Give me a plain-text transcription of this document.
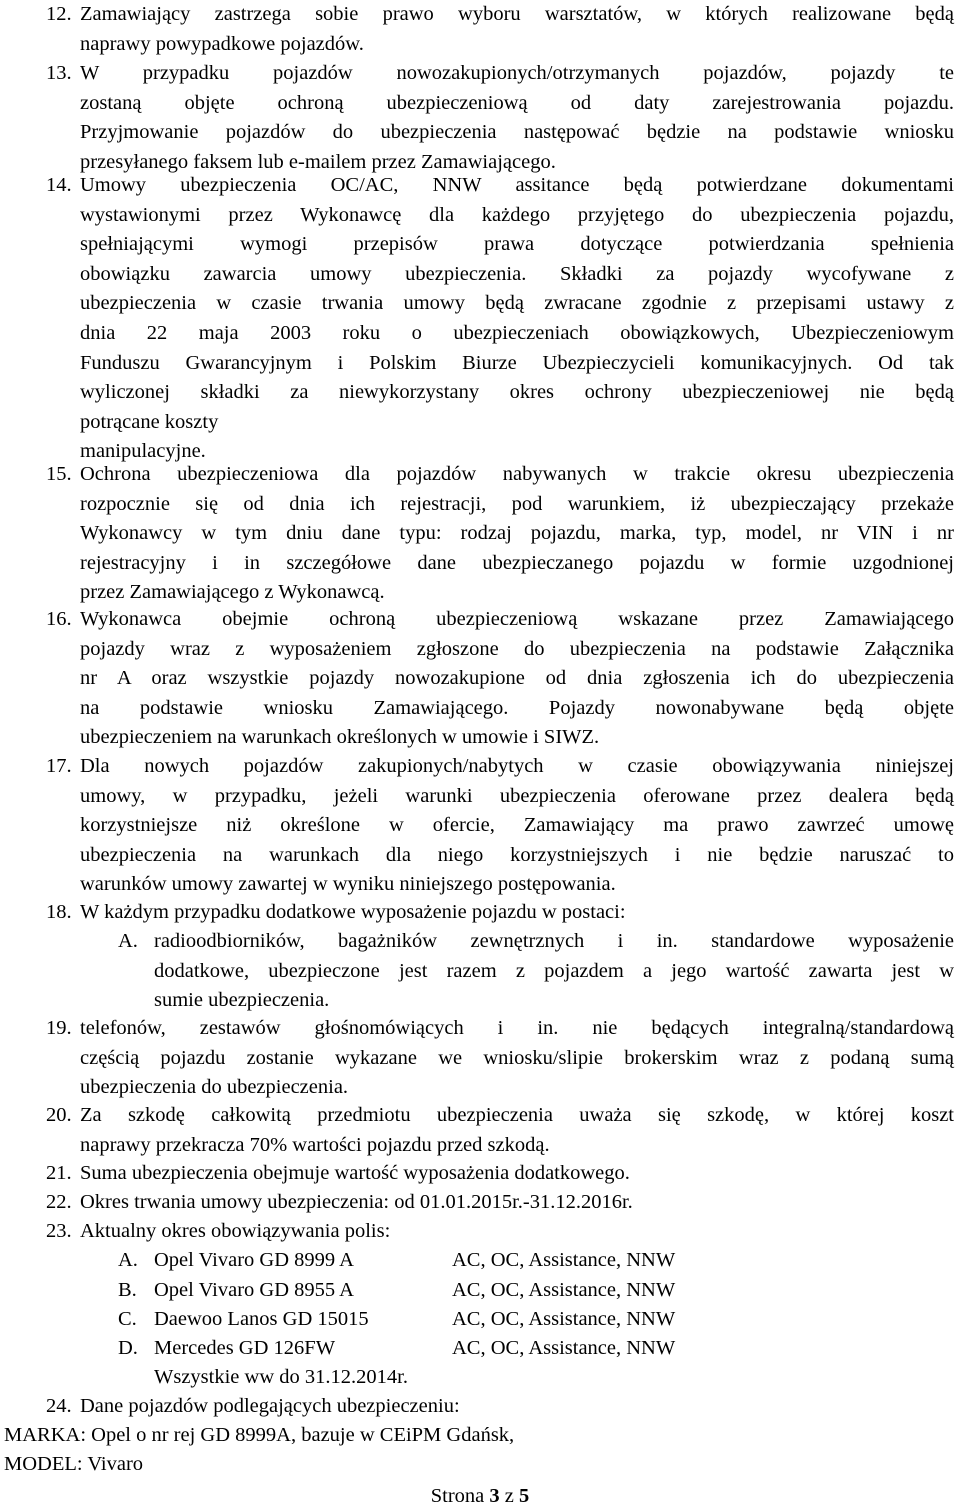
12. Zamawiający zastrzega sobie prawo wyboru warsztatów, w których realizowane będą
naprawy powypadkowe pojazdów.
13. W przypadku pojazdów nowozakupionych/otrzymanych pojazdów, pojazdy te
zostaną objęte ochroną ubezpieczeniową od daty zarejestrowania pojazdu.
Przyjmowanie pojazdów do ubezpieczenia następować będzie na podstawie wniosku
przesyłanego faksem lub e-mailem przez Zamawiającego.
14. Umowy ubezpieczenia OC/AC, NNW assitance będą potwierdzane dokumentami
wystawionymi przez Wykonawcę dla każdego przyjętego do ubezpieczenia pojazdu,
spełniającymi wymogi przepisów prawa dotyczące potwierdzania spełnienia
obowiązku zawarcia umowy ubezpieczenia. Składki za pojazdy wycofywane z
ubezpieczenia w czasie trwania umowy będą zwracane zgodnie z przepisami ustawy z
dnia 22 maja 2003 roku o ubezpieczeniach obowiązkowych, Ubezpieczeniowym
Funduszu Gwarancyjnym i Polskim Biurze Ubezpieczycieli komunikacyjnych. Od tak
wyliczonej składki za niewykorzystany okres ochrony ubezpieczeniowej nie będą
potrącane koszty
manipulacyjne.
15. Ochrona ubezpieczeniowa dla pojazdów nabywanych w trakcie okresu ubezpieczenia
rozpocznie się od dnia ich rejestracji, pod warunkiem, iż ubezpieczający przekaże
Wykonawcy w tym dniu dane typu: rodzaj pojazdu, marka, typ, model, nr VIN i nr
rejestracyjny i in szczegółowe dane ubezpieczanego pojazdu w formie uzgodnionej
przez Zamawiającego z Wykonawcą.
16. Wykonawca obejmie ochroną ubezpieczeniową wskazane przez Zamawiającego
pojazdy wraz z wyposażeniem zgłoszone do ubezpieczenia na podstawie Załącznika
nr A oraz wszystkie pojazdy nowozakupione od dnia zgłoszenia ich do ubezpieczenia
na podstawie wniosku Zamawiającego. Pojazdy nowonabywane będą objęte
ubezpieczeniem na warunkach określonych w umowie i SIWZ.
17. Dla nowych pojazdów zakupionych/nabytych w czasie obowiązywania niniejszej
umowy, w przypadku, jeżeli warunki ubezpieczenia oferowane przez dealera będą
korzystniejsze niż określone w ofercie, Zamawiający ma prawo zawrzeć umowę
ubezpieczenia na warunkach dla niego korzystniejszych i nie będzie naruszać to
warunków umowy zawartej w wyniku niniejszego postępowania.
18. W każdym przypadku dodatkowe wyposażenie pojazdu w postaci:
A. radioodbiorników, bagażników zewnętrznych i in. standardowe wyposażenie
dodatkowe, ubezpieczone jest razem z pojazdem a jego wartość zawarta jest w
sumie ubezpieczenia.
19. telefonów, zestawów głośnomówiących i in. nie będących integralną/standardową
częścią pojazdu zostanie wykazane we wniosku/slipie brokerskim wraz z podaną sumą
ubezpieczenia do ubezpieczenia.
20. Za szkodę całkowitą przedmiotu ubezpieczenia uważa się szkodę, w której koszt
naprawy przekracza 70% wartości pojazdu przed szkodą.
21. Suma ubezpieczenia obejmuje wartość wyposażenia dodatkowego.
22. Okres trwania umowy ubezpieczenia: od 01.01.2015r.-31.12.2016r.
23. Aktualny okres obowiązywania polis:
A. Opel Vivaro GD 8999 A	AC, OC, Assistance, NNW
B. Opel Vivaro GD 8955 A	AC, OC, Assistance, NNW
C. Daewoo Lanos GD 15015	AC, OC, Assistance, NNW
D. Mercedes GD 126FW	AC, OC, Assistance, NNW
Wszystkie ww do 31.12.2014r.
24. Dane pojazdów podlegających ubezpieczeniu:
MARKA: Opel o nr rej GD 8999A, bazuje w CEiPM Gdańsk,
MODEL: Vivaro
Strona 3 z 5
